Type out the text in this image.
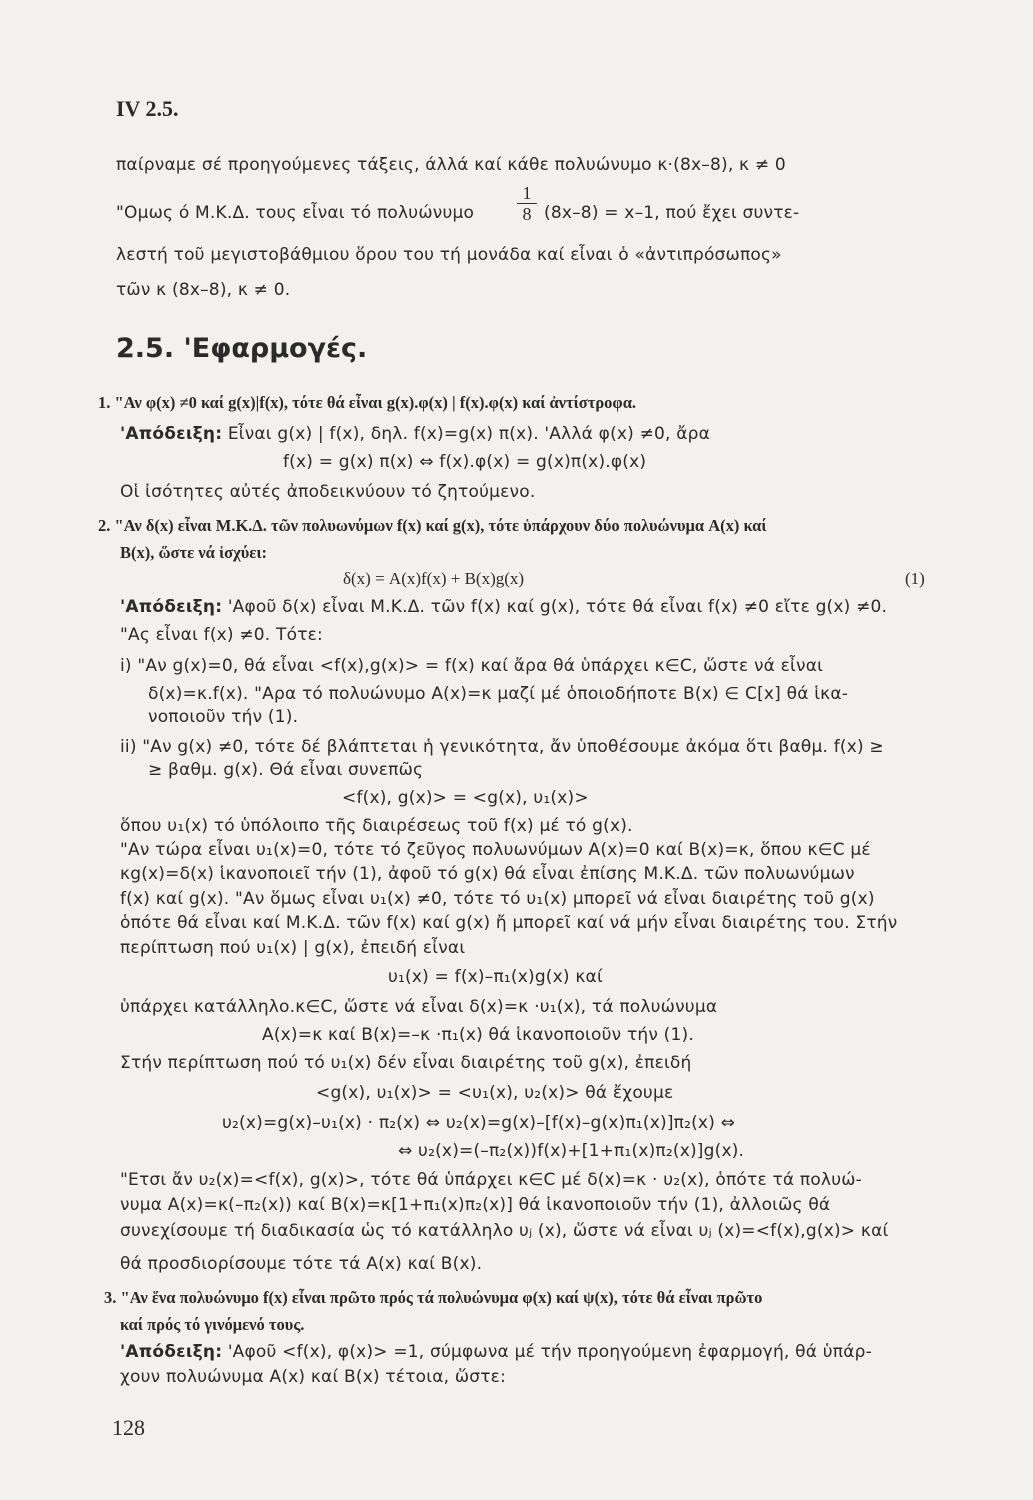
IV 2.5.
παίρναμε σέ προηγούμενες τάξεις, άλλά καί κάθε πολυώνυμο κ·(8x–8), κ ≠ 0
"Ομως ό Μ.Κ.Δ. τους εἶναι τό πολυώνυμο $\frac{1}{8} (8x-8) = x-1$, πού ἔχει συντε-
λεστή τοῦ μεγιστοβάθμιου ὅρου του τή μονάδα καί εἶναι ὁ «ἀντιπρόσωπος»
τῶν κ (8x–8), κ ≠ 0.
2.5. 'Εφαρμογές.
1. "Αν φ(x) ≠0 καί g(x)|f(x), τότε θά εἶναι g(x).φ(x) | f(x).φ(x) καί ἀντίστροφα.
'Απόδειξη: Εἶναι g(x) | f(x), δηλ. f(x)=g(x) π(x). 'Αλλά φ(x) ≠0, ἄρα
f(x) = g(x) π(x) ⇔ f(x).φ(x) = g(x)π(x).φ(x)
Οἱ ἰσότητες αὐτές ἀποδεικνύουν τό ζητούμενο.
2. "Αν δ(x) εἶναι Μ.Κ.Δ. τῶν πολυωνύμων f(x) καί g(x), τότε ὑπάρχουν δύο πολυώνυμα A(x) καί
B(x), ὥστε νά ἰσχύει:
δ(x) = A(x)f(x) + B(x)g(x)	(1)
'Απόδειξη: 'Αφοῦ δ(x) εἶναι Μ.Κ.Δ. τῶν f(x) καί g(x), τότε θά εἶναι f(x) ≠0 εἴτε g(x) ≠0.
"Ας εἶναι f(x) ≠0. Τότε:
i) "Αν g(x)=0, θά εἶναι <f(x),g(x)> = f(x) καί ἄρα θά ὑπάρχει κ∈C, ὥστε νά εἶναι
δ(x)=κ.f(x). "Αρα τό πολυώνυμο A(x)=κ μαζί μέ ὁποιοδήποτε B(x) ∈ C[x] θά ἱκα-
νοποιοῦν τήν (1).
ii) "Αν g(x) ≠0, τότε δέ βλάπτεται ἡ γενικότητα, ἄν ὑποθέσουμε ἀκόμα ὅτι βαθμ. f(x) ≥
≥ βαθμ. g(x). Θά εἶναι συνεπῶς
<f(x), g(x)> = <g(x), υ₁(x)>
ὅπου υ₁(x) τό ὑπόλοιπο τῆς διαιρέσεως τοῦ f(x) μέ τό g(x).
"Αν τώρα εἶναι υ₁(x)=0, τότε τό ζεῦγος πολυωνύμων A(x)=0 καί B(x)=κ, ὅπου κ∈C μέ
κg(x)=δ(x) ἱκανοποιεῖ τήν (1), ἀφοῦ τό g(x) θά εἶναι ἐπίσης Μ.Κ.Δ. τῶν πολυωνύμων
f(x) καί g(x). "Αν ὅμως εἶναι υ₁(x) ≠0, τότε τό υ₁(x) μπορεῖ νά εἶναι διαιρέτης τοῦ g(x)
ὁπότε θά εἶναι καί Μ.Κ.Δ. τῶν f(x) καί g(x) ἤ μπορεῖ καί νά μήν εἶναι διαιρέτης του. Στήν
περίπτωση πού υ₁(x) | g(x), ἐπειδή εἶναι
υ₁(x) = f(x)–π₁(x)g(x) καί
ὑπάρχει κατάλληλο.κ∈C, ὥστε νά εἶναι δ(x)=κ ·υ₁(x), τά πολυώνυμα
A(x)=κ καί B(x)=–κ ·π₁(x) θά ἱκανοποιοῦν τήν (1).
Στήν περίπτωση πού τό υ₁(x) δέν εἶναι διαιρέτης τοῦ g(x), ἐπειδή
<g(x), υ₁(x)> = <υ₁(x), υ₂(x)> θά ἔχουμε
υ₂(x)=g(x)–υ₁(x) · π₂(x) ⇔ υ₂(x)=g(x)–[f(x)–g(x)π₁(x)]π₂(x) ⇔
⇔ υ₂(x)=(–π₂(x))f(x)+[1+π₁(x)π₂(x)]g(x).
"Ετσι ἄν υ₂(x)=<f(x), g(x)>, τότε θά ὑπάρχει κ∈C μέ δ(x)=κ · υ₂(x), ὁπότε τά πολυώ-
νυμα A(x)=κ(–π₂(x)) καί B(x)=κ[1+π₁(x)π₂(x)] θά ἱκανοποιοῦν τήν (1), ἀλλοιῶς θά
συνεχίσουμε τή διαδικασία ὡς τό κατάλληλο υⱼ (x), ὥστε νά εἶναι υⱼ (x)=<f(x),g(x)> καί
θά προσδιορίσουμε τότε τά A(x) καί B(x).
3. "Αν ἕνα πολυώνυμο f(x) εἶναι πρῶτο πρός τά πολυώνυμα φ(x) καί ψ(x), τότε θά εἶναι πρῶτο
καί πρός τό γινόμενό τους.
'Απόδειξη: 'Αφοῦ <f(x), φ(x)> =1, σύμφωνα μέ τήν προηγούμενη ἐφαρμογή, θά ὑπάρ-
χουν πολυώνυμα A(x) καί B(x) τέτοια, ὥστε:
128
